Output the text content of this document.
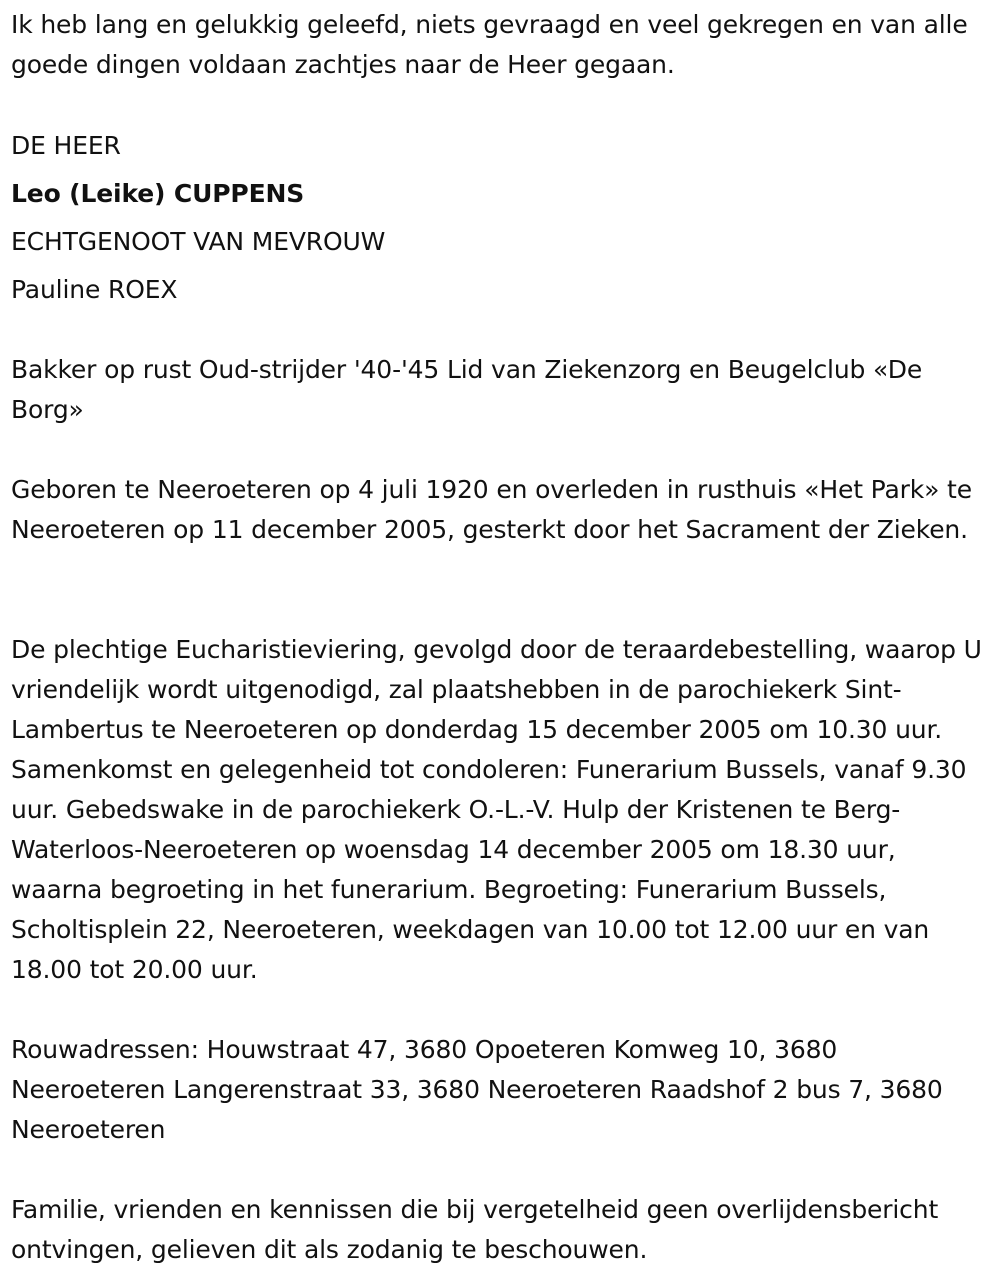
Ik heb lang en gelukkig geleefd, niets gevraagd en veel gekregen en van alle goede dingen voldaan zachtjes naar de Heer gegaan.

DE HEER
Leo (Leike) CUPPENS
ECHTGENOOT VAN MEVROUW
Pauline ROEX

Bakker op rust Oud-strijder '40-'45 Lid van Ziekenzorg en Beugelclub «De Borg»

Geboren te Neeroeteren op 4 juli 1920 en overleden in rusthuis «Het Park» te Neeroeteren op 11 december 2005, gesterkt door het Sacrament der Zieken.

De plechtige Eucharistieviering, gevolgd door de teraardebestelling, waarop U vriendelijk wordt uitgenodigd, zal plaatshebben in de parochiekerk Sint-Lambertus te Neeroeteren op donderdag 15 december 2005 om 10.30 uur. Samenkomst en gelegenheid tot condoleren: Funerarium Bussels, vanaf 9.30 uur. Gebedswake in de parochiekerk O.-L.-V. Hulp der Kristenen te Berg-Waterloos-Neeroeteren op woensdag 14 december 2005 om 18.30 uur, waarna begroeting in het funerarium. Begroeting: Funerarium Bussels, Scholtisplein 22, Neeroeteren, weekdagen van 10.00 tot 12.00 uur en van 18.00 tot 20.00 uur.

Rouwadressen: Houwstraat 47, 3680 Opoeteren Komweg 10, 3680 Neeroeteren Langerenstraat 33, 3680 Neeroeteren Raadshof 2 bus 7, 3680 Neeroeteren

Familie, vrienden en kennissen die bij vergetelheid geen overlijdensbericht ontvingen, gelieven dit als zodanig te beschouwen.
